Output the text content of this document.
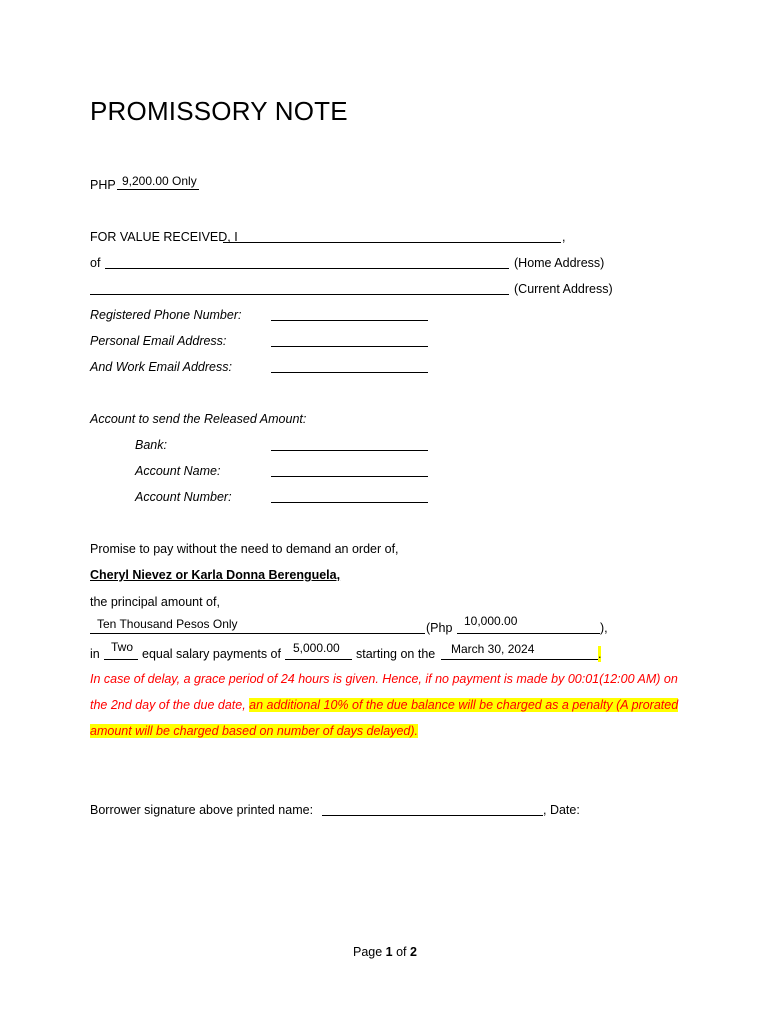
PROMISSORY NOTE
PHP 9,200.00 Only
FOR VALUE RECEIVED, I	,
of	(Home Address)
(Current Address)
Registered Phone Number:
Personal Email Address:
And Work Email Address:
Account to send the Released Amount:
Bank:
Account Name:
Account Number:
Promise to pay without the need to demand an order of,
Cheryl Nievez or Karla Donna Berenguela,
the principal amount of,
Ten Thousand Pesos Only	(Php 10,000.00	),
in Two equal salary payments of 5,000.00 starting on the March 30, 2024	.
In case of delay, a grace period of 24 hours is given. Hence, if no payment is made by 00:01(12:00 AM) on
the 2nd day of the due date, an additional 10% of the due balance will be charged as a penalty (A prorated
amount will be charged based on number of days delayed).
Borrower signature above printed name:	, Date:
Page 1 of 2
